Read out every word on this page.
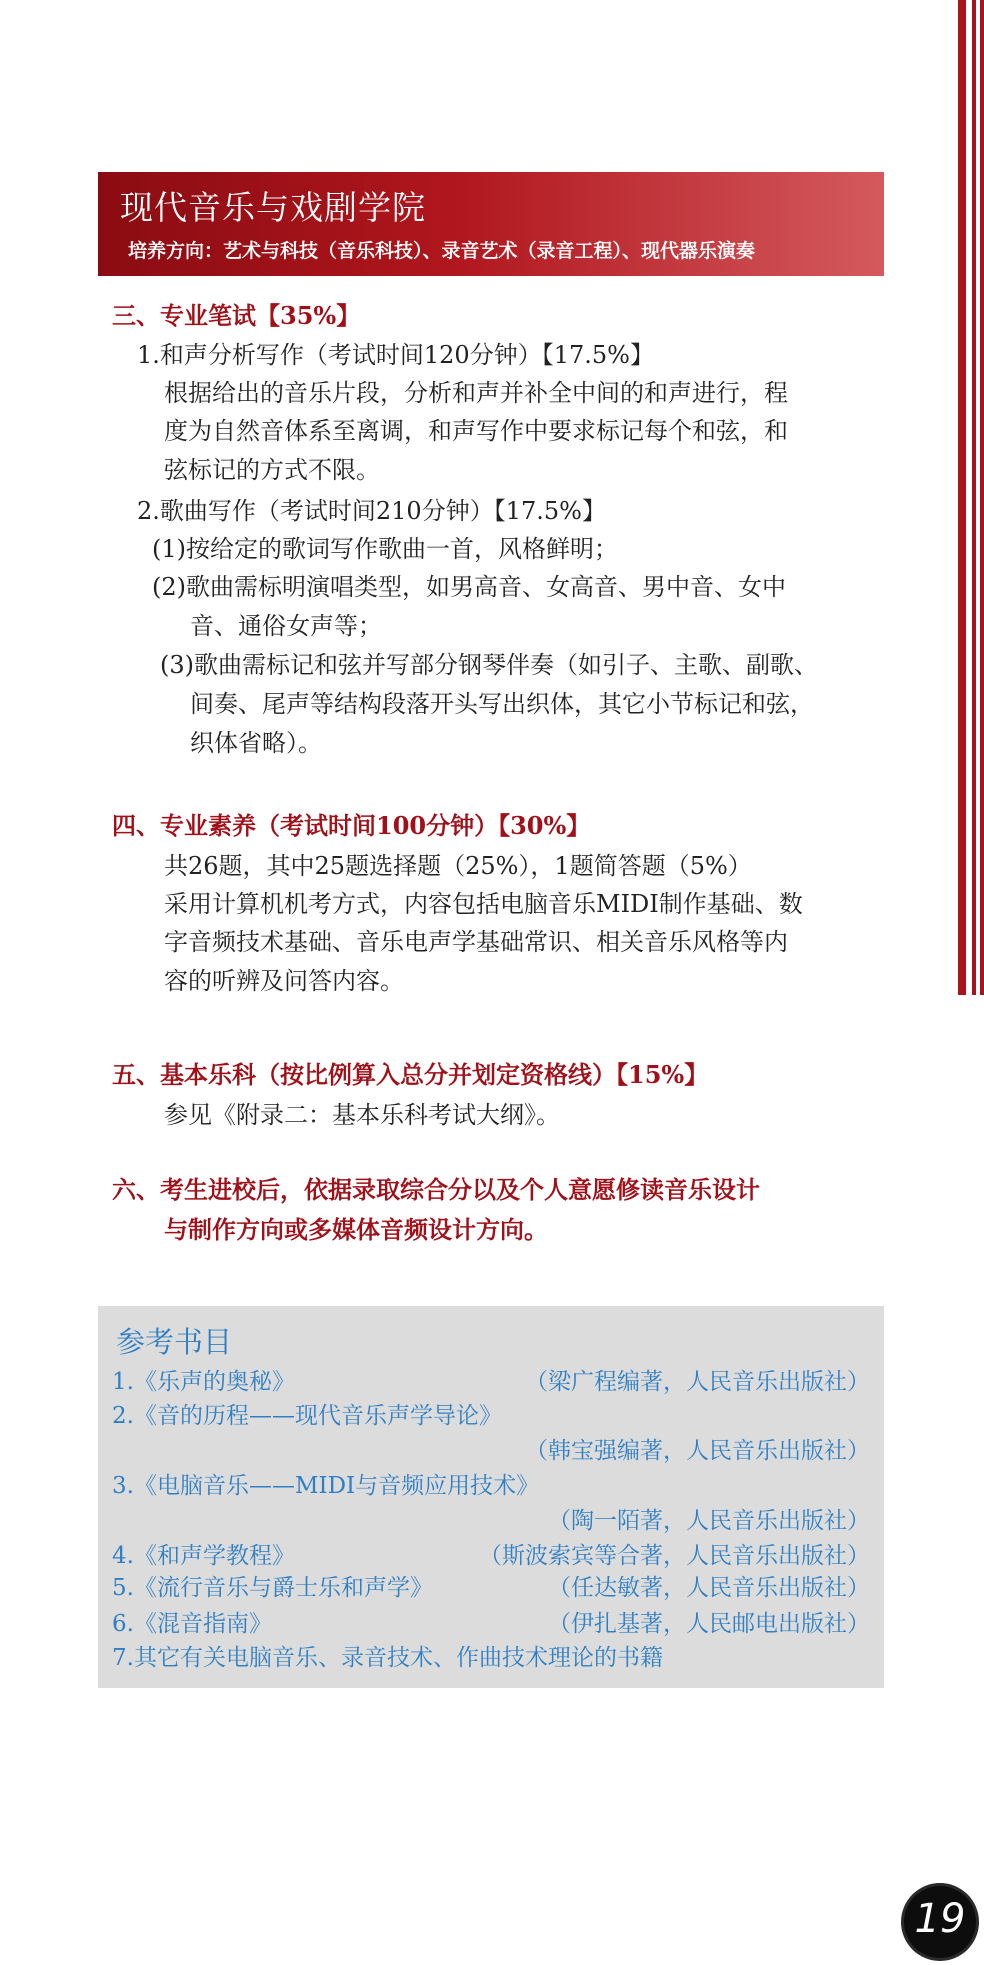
现代音乐与戏剧学院
培养方向：艺术与科技（音乐科技）、录音艺术（录音工程）、现代器乐演奏
三、专业笔试【35%】
1.和声分析写作（考试时间120分钟）【17.5%】
根据给出的音乐片段，分析和声并补全中间的和声进行，程
度为自然音体系至离调，和声写作中要求标记每个和弦，和
弦标记的方式不限。
2.歌曲写作（考试时间210分钟）【17.5%】
(1)按给定的歌词写作歌曲一首，风格鲜明；
(2)歌曲需标明演唱类型，如男高音、女高音、男中音、女中
音、通俗女声等；
(3)歌曲需标记和弦并写部分钢琴伴奏（如引子、主歌、副歌、
间奏、尾声等结构段落开头写出织体，其它小节标记和弦，
织体省略）。
四、专业素养（考试时间100分钟）【30%】
共26题，其中25题选择题（25%），1题简答题（5%）
采用计算机机考方式，内容包括电脑音乐MIDI制作基础、数
字音频技术基础、音乐电声学基础常识、相关音乐风格等内
容的听辨及问答内容。
五、基本乐科（按比例算入总分并划定资格线）【15%】
参见《附录二：基本乐科考试大纲》。
六、考生进校后，依据录取综合分以及个人意愿修读音乐设计
与制作方向或多媒体音频设计方向。
参考书目
1.《乐声的奥秘》	（梁广程编著，人民音乐出版社）
2.《音的历程——现代音乐声学导论》
（韩宝强编著，人民音乐出版社）
3.《电脑音乐——MIDI与音频应用技术》
（陶一陌著，人民音乐出版社）
4.《和声学教程》	（斯波索宾等合著，人民音乐出版社）
5.《流行音乐与爵士乐和声学》	（任达敏著，人民音乐出版社）
6.《混音指南》	（伊扎基著，人民邮电出版社）
7.其它有关电脑音乐、录音技术、作曲技术理论的书籍
19
